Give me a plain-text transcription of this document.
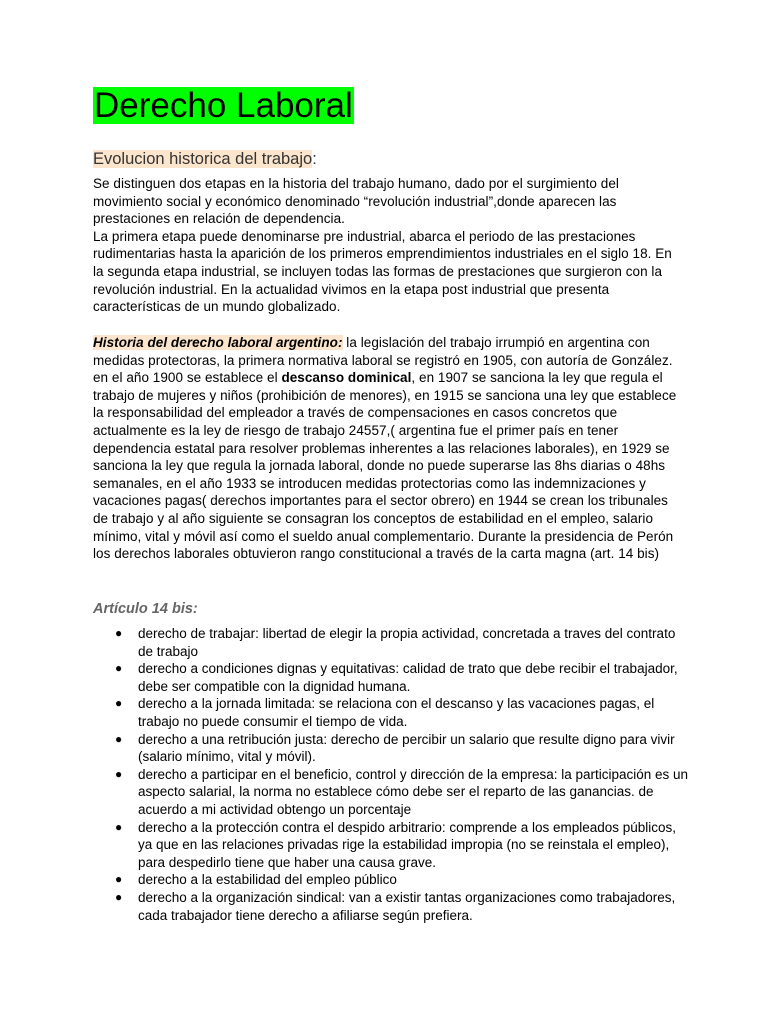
Derecho Laboral
Evolucion historica del trabajo:

Se distinguen dos etapas en la historia del trabajo humano, dado por el surgimiento del movimiento social y económico denominado “revolución industrial”,donde aparecen las prestaciones en relación de dependencia.

La primera etapa puede denominarse pre industrial, abarca el periodo de las prestaciones rudimentarias hasta la aparición de los primeros emprendimientos industriales en el siglo 18. En la segunda etapa industrial, se incluyen todas las formas de prestaciones que surgieron con la revolución industrial. En la actualidad vivimos en la etapa post industrial que presenta características de un mundo globalizado.

Historia del derecho laboral argentino: la legislación del trabajo irrumpió en argentina con medidas protectoras, la primera normativa laboral se registró en 1905, con autoría de González. en el año 1900 se establece el descanso dominical, en 1907 se sanciona la ley que regula el trabajo de mujeres y niños (prohibición de menores), en 1915 se sanciona una ley que establece la responsabilidad del empleador a través de compensaciones en casos concretos que actualmente es la ley de riesgo de trabajo 24557,( argentina fue el primer país en tener dependencia estatal para resolver problemas inherentes a las relaciones laborales), en 1929 se sanciona la ley que regula la jornada laboral, donde no puede superarse las 8hs diarias o 48hs semanales, en el año 1933 se introducen medidas protectorias como las indemnizaciones y vacaciones pagas( derechos importantes para el sector obrero) en 1944 se crean los tribunales de trabajo y al año siguiente se consagran los conceptos de estabilidad en el empleo, salario mínimo, vital y móvil así como el sueldo anual complementario. Durante la presidencia de Perón los derechos laborales obtuvieron rango constitucional a través de la carta magna (art. 14 bis)

Artículo 14 bis:
● derecho de trabajar: libertad de elegir la propia actividad, concretada a traves del contrato de trabajo
● derecho a condiciones dignas y equitativas: calidad de trato que debe recibir el trabajador, debe ser compatible con la dignidad humana.
● derecho a la jornada limitada: se relaciona con el descanso y las vacaciones pagas, el trabajo no puede consumir el tiempo de vida.
● derecho a una retribución justa: derecho de percibir un salario que resulte digno para vivir (salario mínimo, vital y móvil).
● derecho a participar en el beneficio, control y dirección de la empresa: la participación es un aspecto salarial, la norma no establece cómo debe ser el reparto de las ganancias. de acuerdo a mi actividad obtengo un porcentaje
● derecho a la protección contra el despido arbitrario: comprende a los empleados públicos, ya que en las relaciones privadas rige la estabilidad impropia (no se reinstala el empleo), para despedirlo tiene que haber una causa grave.
● derecho a la estabilidad del empleo público
● derecho a la organización sindical: van a existir tantas organizaciones como trabajadores, cada trabajador tiene derecho a afiliarse según prefiera.
